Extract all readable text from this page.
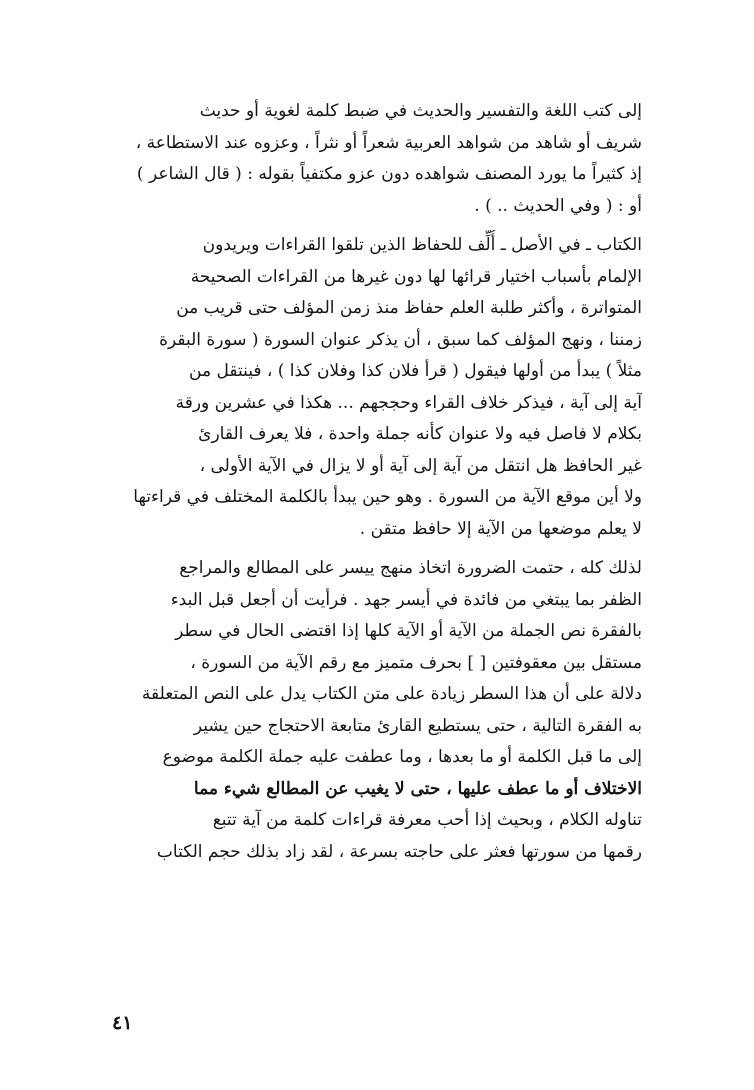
إلى كتب اللغة والتفسير والحديث في ضبط كلمة لغوية أو حديث
شريف أو شاهد من شواهد العربية شعراً أو نثراً ، وعزوه عند الاستطاعة ،
إذ كثيراً ما يورد المصنف شواهده دون عزو مكتفياً بقوله : ( قال الشاعر )
أو : ( وفي الحديث .. ) .
الكتاب ـ في الأصل ـ أُلِّف للحفاظ الذين تلقوا القراءات ويريدون
الإلمام بأسباب اختيار قرائها لها دون غيرها من القراءات الصحيحة
المتواترة ، وأكثر طلبة العلم حفاظ منذ زمن المؤلف حتى قريب من
زمننا ، ونهج المؤلف كما سبق ، أن يذكر عنوان السورة ( سورة البقرة
مثلاً ) يبدأ من أولها فيقول ( قرأ فلان كذا وفلان كذا ) ، فينتقل من
آية إلى آية ، فيذكر خلاف القراء وحججهم ... هكذا في عشرين ورقة
بكلام لا فاصل فيه ولا عنوان كأنه جملة واحدة ، فلا يعرف القارئ
غير الحافظ هل انتقل من آية إلى آية أو لا يزال في الآية الأولى ،
ولا أين موقع الآية من السورة . وهو حين يبدأ بالكلمة المختلف في قراءتها
لا يعلم موضعها من الآية إلا حافظ متقن .
لذلك كله ، حتمت الضرورة اتخاذ منهج ييسر على المطالع والمراجع
الظفر بما يبتغي من فائدة في أيسر جهد . فرأيت أن أجعل قبل البدء
بالفقرة نص الجملة من الآية أو الآية كلها إذا اقتضى الحال في سطر
مستقل بين معقوفتين [ ] بحرف متميز مع رقم الآية من السورة ،
دلالة على أن هذا السطر زيادة على متن الكتاب يدل على النص المتعلقة
به الفقرة التالية ، حتى يستطيع القارئ متابعة الاحتجاج حين يشير
إلى ما قبل الكلمة أو ما بعدها ، وما عطفت عليه جملة الكلمة موضوع
الاختلاف أو ما عطف عليها ، حتى لا يغيب عن المطالع شيء مما
تناوله الكلام ، وبحيث إذا أحب معرفة قراءات كلمة من آية تتبع
رقمها من سورتها فعثر على حاجته بسرعة ، لقد زاد بذلك حجم الكتاب
٤١
